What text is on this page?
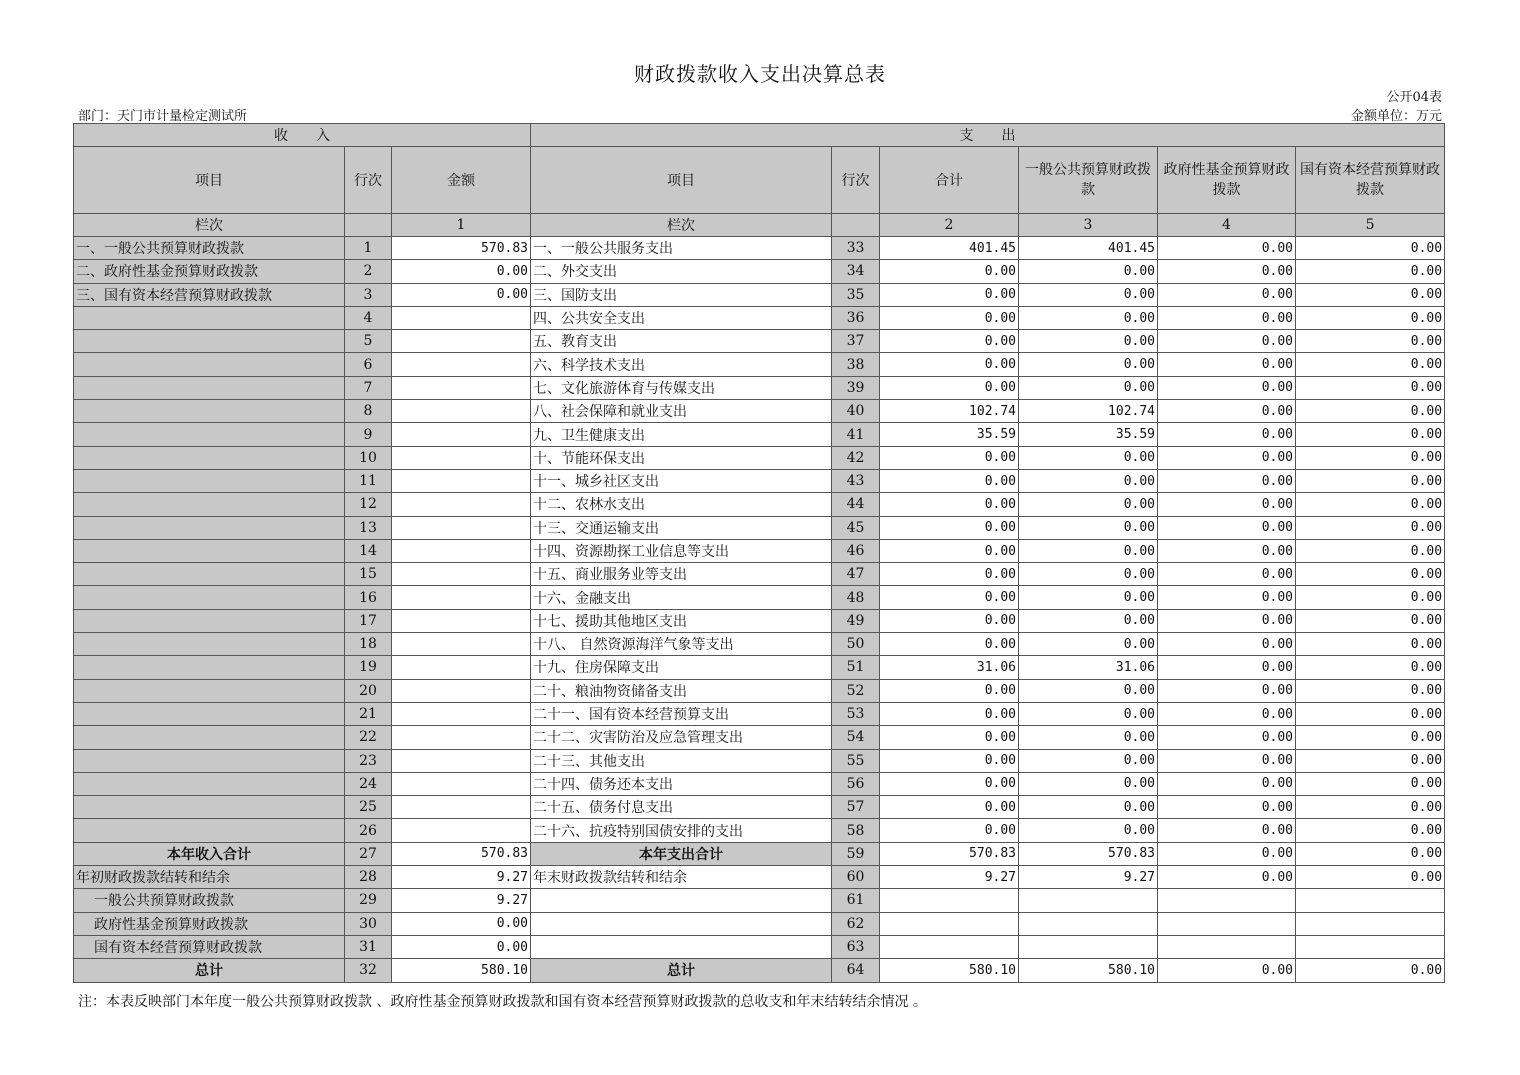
财政拨款收入支出决算总表
公开04表
部门：天门市计量检定测试所	金额单位：万元
收　　入			支　　出					
项目	行次	金额	项目	行次	合计	一般公共预算财政拨款	政府性基金预算财政拨款	国有资本经营预算财政拨款
栏次		1	栏次		2	3	4	5
一、一般公共预算财政拨款	1	570.83	一、一般公共服务支出	33	401.45	401.45	0.00	0.00
二、政府性基金预算财政拨款	2	0.00	二、外交支出	34	0.00	0.00	0.00	0.00
三、国有资本经营预算财政拨款	3	0.00	三、国防支出	35	0.00	0.00	0.00	0.00
	4		四、公共安全支出	36	0.00	0.00	0.00	0.00
	5		五、教育支出	37	0.00	0.00	0.00	0.00
	6		六、科学技术支出	38	0.00	0.00	0.00	0.00
	7		七、文化旅游体育与传媒支出	39	0.00	0.00	0.00	0.00
	8		八、社会保障和就业支出	40	102.74	102.74	0.00	0.00
	9		九、卫生健康支出	41	35.59	35.59	0.00	0.00
	10		十、节能环保支出	42	0.00	0.00	0.00	0.00
	11		十一、城乡社区支出	43	0.00	0.00	0.00	0.00
	12		十二、农林水支出	44	0.00	0.00	0.00	0.00
	13		十三、交通运输支出	45	0.00	0.00	0.00	0.00
	14		十四、资源勘探工业信息等支出	46	0.00	0.00	0.00	0.00
	15		十五、商业服务业等支出	47	0.00	0.00	0.00	0.00
	16		十六、金融支出	48	0.00	0.00	0.00	0.00
	17		十七、援助其他地区支出	49	0.00	0.00	0.00	0.00
	18		十八、 自然资源海洋气象等支出	50	0.00	0.00	0.00	0.00
	19		十九、住房保障支出	51	31.06	31.06	0.00	0.00
	20		二十、粮油物资储备支出	52	0.00	0.00	0.00	0.00
	21		二十一、国有资本经营预算支出	53	0.00	0.00	0.00	0.00
	22		二十二、灾害防治及应急管理支出	54	0.00	0.00	0.00	0.00
	23		二十三、其他支出	55	0.00	0.00	0.00	0.00
	24		二十四、债务还本支出	56	0.00	0.00	0.00	0.00
	25		二十五、债务付息支出	57	0.00	0.00	0.00	0.00
	26		二十六、抗疫特别国债安排的支出	58	0.00	0.00	0.00	0.00
本年收入合计	27	570.83	本年支出合计	59	570.83	570.83	0.00	0.00
年初财政拨款结转和结余	28	9.27	年末财政拨款结转和结余	60	9.27	9.27	0.00	0.00
一般公共预算财政拨款	29	9.27		61				
政府性基金预算财政拨款	30	0.00		62				
国有资本经营预算财政拨款	31	0.00		63				
总计	32	580.10	总计	64	580.10	580.10	0.00	0.00
注：本表反映部门本年度一般公共预算财政拨款 、政府性基金预算财政拨款和国有资本经营预算财政拨款的总收支和年末结转结余情况 。
